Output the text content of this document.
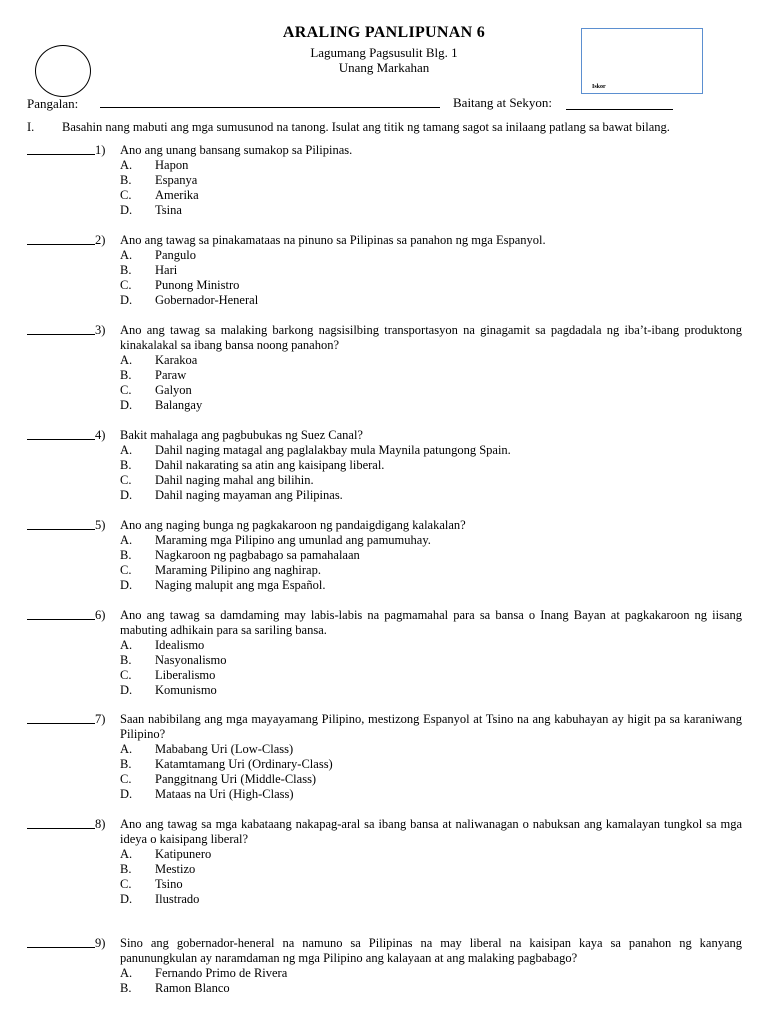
ARALING PANLIPUNAN 6
Lagumang Pagsusulit Blg. 1
Unang Markahan
Iskor
Pangalan:	Baitang at Sekyon:
I. Basahin nang mabuti ang mga sumusunod na tanong. Isulat ang titik ng tamang sagot sa inilaang patlang sa bawat bilang.
1) Ano ang unang bansang sumakop sa Pilipinas.
A. Hapon
B. Espanya
C. Amerika
D. Tsina
2) Ano ang tawag sa pinakamataas na pinuno sa Pilipinas sa panahon ng mga Espanyol.
A. Pangulo
B. Hari
C. Punong Ministro
D. Gobernador-Heneral
3) Ano ang tawag sa malaking barkong nagsisilbing transportasyon na ginagamit sa pagdadala ng iba’t-ibang produktong kinakalakal sa ibang bansa noong panahon?
A. Karakoa
B. Paraw
C. Galyon
D. Balangay
4) Bakit mahalaga ang pagbubukas ng Suez Canal?
A. Dahil naging matagal ang paglalakbay mula Maynila patungong Spain.
B. Dahil nakarating sa atin ang kaisipang liberal.
C. Dahil naging mahal ang bilihin.
D. Dahil naging mayaman ang Pilipinas.
5) Ano ang naging bunga ng pagkakaroon ng pandaigdigang kalakalan?
A. Maraming mga Pilipino ang umunlad ang pamumuhay.
B. Nagkaroon ng pagbabago sa pamahalaan
C. Maraming Pilipino ang naghirap.
D. Naging malupit ang mga Español.
6) Ano ang tawag sa damdaming may labis-labis na pagmamahal para sa bansa o Inang Bayan at pagkakaroon ng iisang mabuting adhikain para sa sariling bansa.
A. Idealismo
B. Nasyonalismo
C. Liberalismo
D. Komunismo
7) Saan nabibilang ang mga mayayamang Pilipino, mestizong Espanyol at Tsino na ang kabuhayan ay higit pa sa karaniwang Pilipino?
A. Mababang Uri (Low-Class)
B. Katamtamang Uri (Ordinary-Class)
C. Panggitnang Uri (Middle-Class)
D. Mataas na Uri (High-Class)
8) Ano ang tawag sa mga kabataang nakapag-aral sa ibang bansa at naliwanagan o nabuksan ang kamalayan tungkol sa mga ideya o kaisipang liberal?
A. Katipunero
B. Mestizo
C. Tsino
D. Ilustrado
9) Sino ang gobernador-heneral na namuno sa Pilipinas na may liberal na kaisipan kaya sa panahon ng kanyang panunungkulan ay naramdaman ng mga Pilipino ang kalayaan at ang malaking pagbabago?
A. Fernando Primo de Rivera
B. Ramon Blanco
